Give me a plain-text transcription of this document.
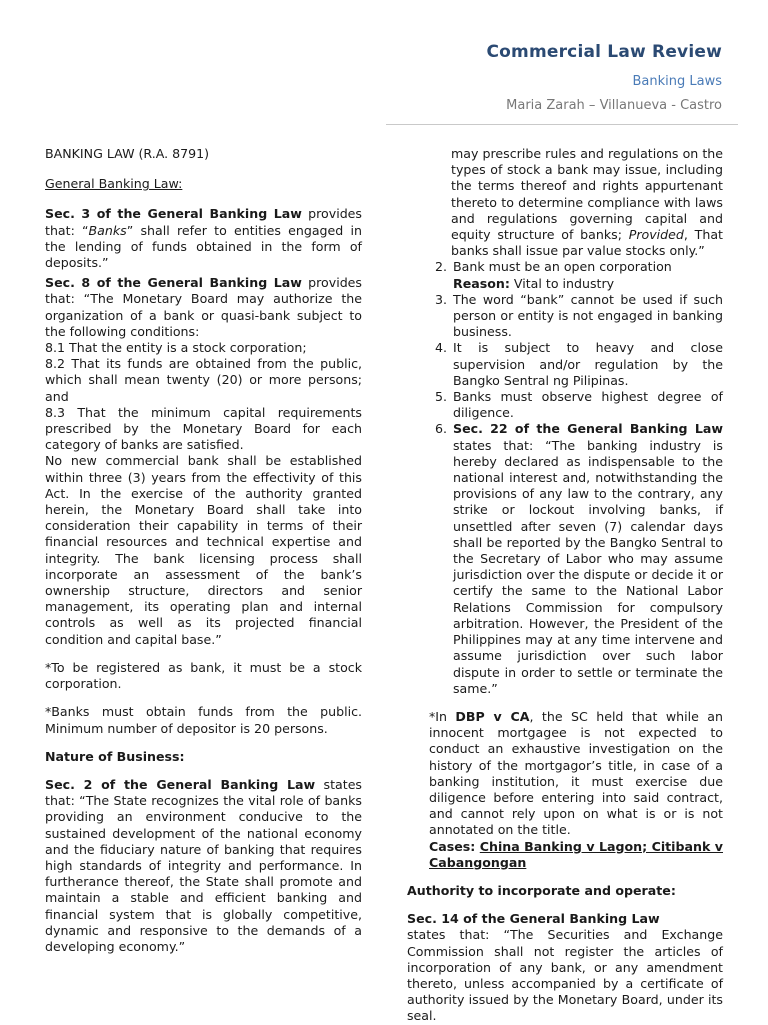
Commercial Law Review
Banking Laws
Maria Zarah – Villanueva - Castro

BANKING LAW (R.A. 8791)

General Banking Law:

Sec. 3 of the General Banking Law provides that: “Banks” shall refer to entities engaged in the lending of funds obtained in the form of deposits.”

Sec. 8 of the General Banking Law provides that: “The Monetary Board may authorize the organization of a bank or quasi-bank subject to the following conditions:

8.1 That the entity is a stock corporation;

8.2 That its funds are obtained from the public, which shall mean twenty (20) or more persons; and

8.3 That the minimum capital requirements prescribed by the Monetary Board for each category of banks are satisfied.

No new commercial bank shall be established within three (3) years from the effectivity of this Act. In the exercise of the authority granted herein, the Monetary Board shall take into consideration their capability in terms of their financial resources and technical expertise and integrity. The bank licensing process shall incorporate an assessment of the bank’s ownership structure, directors and senior management, its operating plan and internal controls as well as its projected financial condition and capital base.”

*To be registered as bank, it must be a stock corporation.

*Banks must obtain funds from the public. Minimum number of depositor is 20 persons.

Nature of Business:

Sec. 2 of the General Banking Law states that: “The State recognizes the vital role of banks providing an environment conducive to the sustained development of the national economy and the fiduciary nature of banking that requires high standards of integrity and performance. In furtherance thereof, the State shall promote and maintain a stable and efficient banking and financial system that is globally competitive, dynamic and responsive to the demands of a developing economy.”

may prescribe rules and regulations on the types of stock a bank may issue, including the terms thereof and rights appurtenant thereto to determine compliance with laws and regulations governing capital and equity structure of banks; Provided, That banks shall issue par value stocks only.”

2. Bank must be an open corporation
Reason: Vital to industry
3. The word “bank” cannot be used if such person or entity is not engaged in banking business.
4. It is subject to heavy and close supervision and/or regulation by the Bangko Sentral ng Pilipinas.
5. Banks must observe highest degree of diligence.
6. Sec. 22 of the General Banking Law states that: “The banking industry is hereby declared as indispensable to the national interest and, notwithstanding the provisions of any law to the contrary, any strike or lockout involving banks, if unsettled after seven (7) calendar days shall be reported by the Bangko Sentral to the Secretary of Labor who may assume jurisdiction over the dispute or decide it or certify the same to the National Labor Relations Commission for compulsory arbitration. However, the President of the Philippines may at any time intervene and assume jurisdiction over such labor dispute in order to settle or terminate the same.”

*In DBP v CA, the SC held that while an innocent mortgagee is not expected to conduct an exhaustive investigation on the history of the mortgagor’s title, in case of a banking institution, it must exercise due diligence before entering into said contract, and cannot rely upon on what is or is not annotated on the title.

Cases: China Banking v Lagon; Citibank v Cabangongan

Authority to incorporate and operate:

Sec. 14 of the General Banking Law
states that: “The Securities and Exchange Commission shall not register the articles of incorporation of any bank, or any amendment thereto, unless accompanied by a certificate of authority issued by the Monetary Board, under its seal.
